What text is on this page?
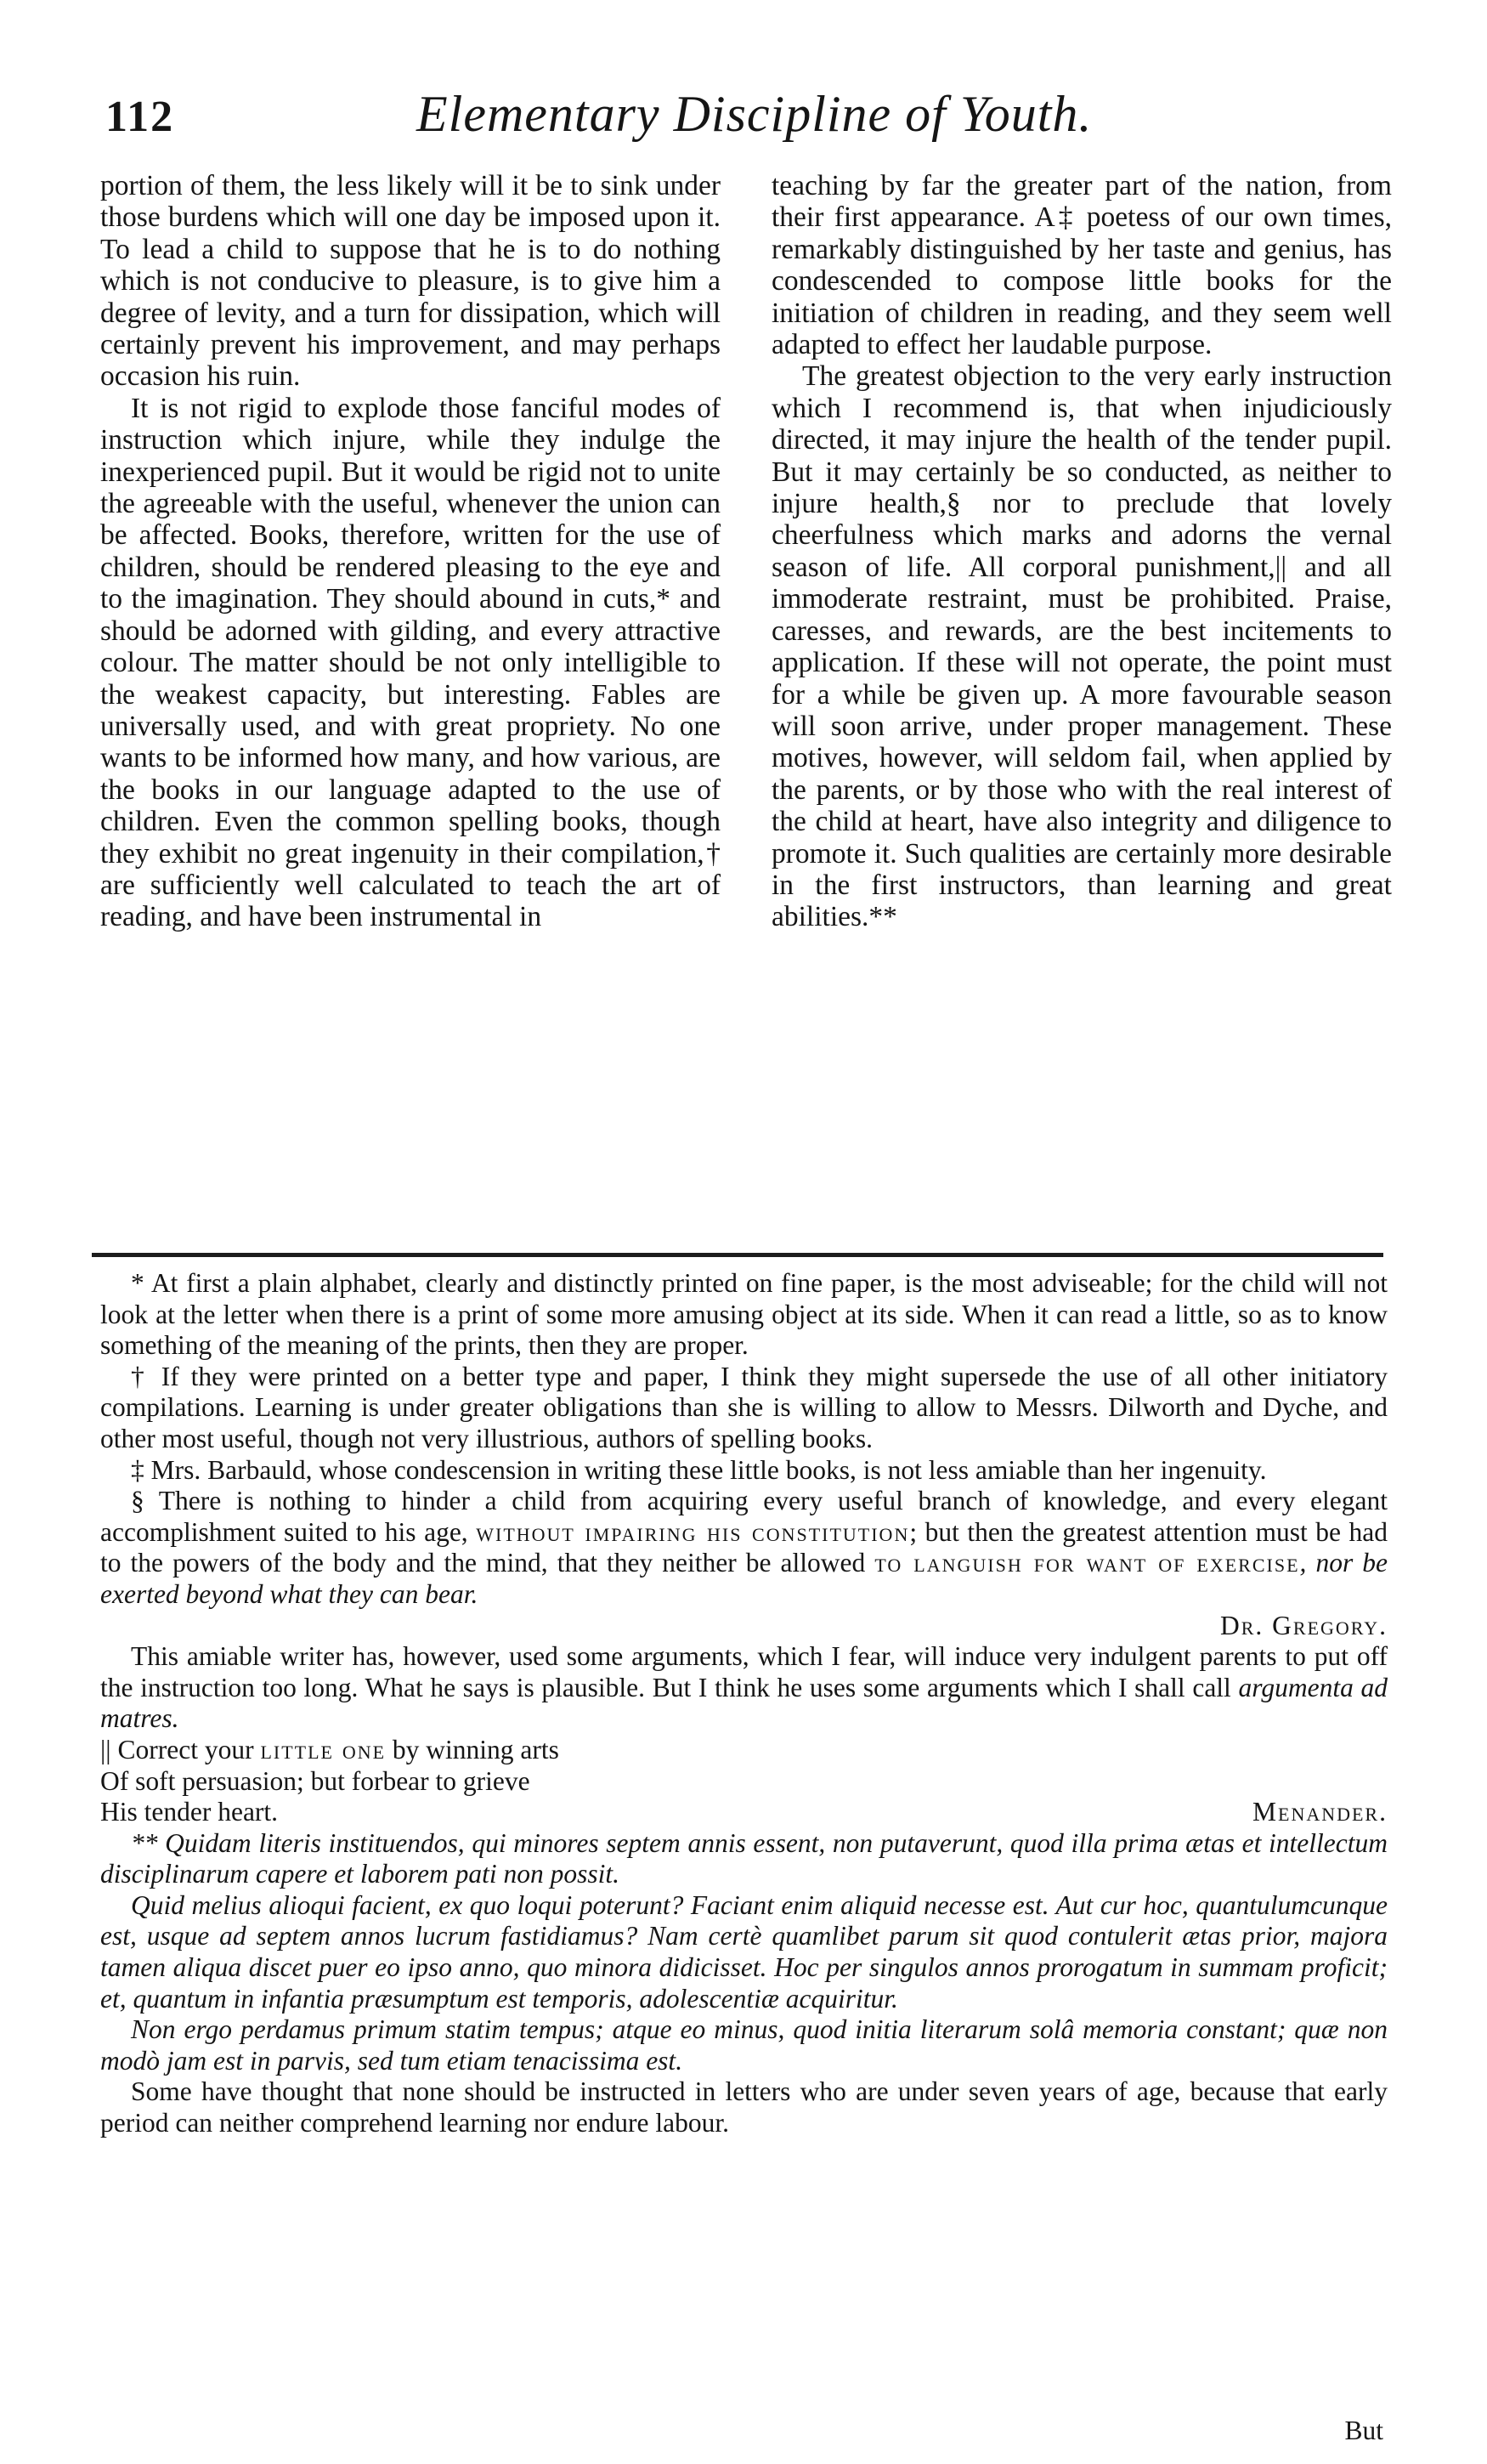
112	Elementary Discipline of Youth.

portion of them, the less likely will it be to sink under those burdens which will one day be imposed upon it. To lead a child to suppose that he is to do nothing which is not conducive to pleasure, is to give him a degree of levity, and a turn for dissipation, which will certainly prevent his improvement, and may perhaps occasion his ruin.

It is not rigid to explode those fanciful modes of instruction which injure, while they indulge the inexperienced pupil. But it would be rigid not to unite the agreeable with the useful, whenever the union can be affected. Books, therefore, written for the use of children, should be rendered pleasing to the eye and to the imagination. They should abound in cuts,* and should be adorned with gilding, and every attractive colour. The matter should be not only intelligible to the weakest capacity, but interesting. Fables are universally used, and with great propriety. No one wants to be informed how many, and how various, are the books in our language adapted to the use of children. Even the common spelling books, though they exhibit no great ingenuity in their compilation,† are sufficiently well calculated to teach the art of reading, and have been instrumental in

teaching by far the greater part of the nation, from their first appearance. A‡ poetess of our own times, remarkably distinguished by her taste and genius, has condescended to compose little books for the initiation of children in reading, and they seem well adapted to effect her laudable purpose.

The greatest objection to the very early instruction which I recommend is, that when injudiciously directed, it may injure the health of the tender pupil. But it may certainly be so conducted, as neither to injure health,§ nor to preclude that lovely cheerfulness which marks and adorns the vernal season of life. All corporal punishment,|| and all immoderate restraint, must be prohibited. Praise, caresses, and rewards, are the best incitements to application. If these will not operate, the point must for a while be given up. A more favourable season will soon arrive, under proper management. These motives, however, will seldom fail, when applied by the parents, or by those who with the real interest of the child at heart, have also integrity and diligence to promote it. Such qualities are certainly more desirable in the first instructors, than learning and great abilities.**

* At first a plain alphabet, clearly and distinctly printed on fine paper, is the most adviseable; for the child will not look at the letter when there is a print of some more amusing object at its side. When it can read a little, so as to know something of the meaning of the prints, then they are proper.

† If they were printed on a better type and paper, I think they might supersede the use of all other initiatory compilations. Learning is under greater obligations than she is willing to allow to Messrs. Dilworth and Dyche, and other most useful, though not very illustrious, authors of spelling books.

‡ Mrs. Barbauld, whose condescension in writing these little books, is not less amiable than her ingenuity.

§ There is nothing to hinder a child from acquiring every useful branch of knowledge, and every elegant accomplishment suited to his age, without impairing his constitution; but then the greatest attention must be had to the powers of the body and the mind, that they neither be allowed to languish for want of exercise, nor be exerted beyond what they can bear.
Dr. Gregory.

This amiable writer has, however, used some arguments, which I fear, will induce very indulgent parents to put off the instruction too long. What he says is plausible. But I think he uses some arguments which I shall call argumenta ad matres.

|| Correct your little one by winning arts

Of soft persuasion; but forbear to grieve

His tender heart.	Menander.

** Quidam literis instituendos, qui minores septem annis essent, non putaverunt, quod illa prima ætas et intellectum disciplinarum capere et laborem pati non possit.

Quid melius alioqui facient, ex quo loqui poterunt? Faciant enim aliquid necesse est. Aut cur hoc, quantulumcunque est, usque ad septem annos lucrum fastidiamus? Nam certè quamlibet parum sit quod contulerit ætas prior, majora tamen aliqua discet puer eo ipso anno, quo minora didicisset. Hoc per singulos annos prorogatum in summam proficit; et, quantum in infantia præsumptum est temporis, adolescentiæ acquiritur.

Non ergo perdamus primum statim tempus; atque eo minus, quod initia literarum solâ memoria constant; quæ non modò jam est in parvis, sed tum etiam tenacissima est.

Some have thought that none should be instructed in letters who are under seven years of age, because that early period can neither comprehend learning nor endure labour.

But
